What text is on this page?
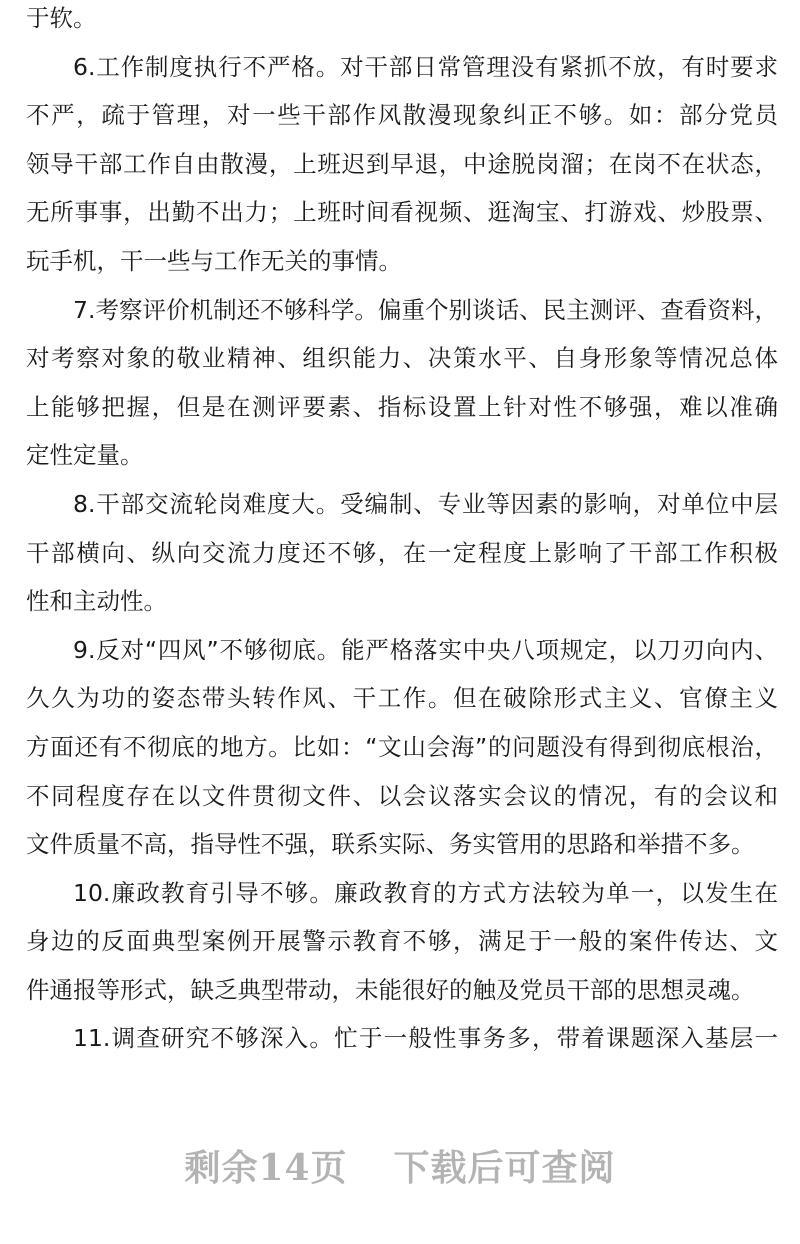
于软。
6.工作制度执行不严格。对干部日常管理没有紧抓不放，有时要求
不严，疏于管理，对一些干部作风散漫现象纠正不够。如：部分党员
领导干部工作自由散漫，上班迟到早退，中途脱岗溜；在岗不在状态，
无所事事，出勤不出力；上班时间看视频、逛淘宝、打游戏、炒股票、
玩手机，干一些与工作无关的事情。
7.考察评价机制还不够科学。偏重个别谈话、民主测评、查看资料，
对考察对象的敬业精神、组织能力、决策水平、自身形象等情况总体
上能够把握，但是在测评要素、指标设置上针对性不够强，难以准确
定性定量。
8.干部交流轮岗难度大。受编制、专业等因素的影响，对单位中层
干部横向、纵向交流力度还不够，在一定程度上影响了干部工作积极
性和主动性。
9.反对“四风”不够彻底。能严格落实中央八项规定，以刀刃向内、
久久为功的姿态带头转作风、干工作。但在破除形式主义、官僚主义
方面还有不彻底的地方。比如：“文山会海”的问题没有得到彻底根治，
不同程度存在以文件贯彻文件、以会议落实会议的情况，有的会议和
文件质量不高，指导性不强，联系实际、务实管用的思路和举措不多。
10.廉政教育引导不够。廉政教育的方式方法较为单一，以发生在
身边的反面典型案例开展警示教育不够，满足于一般的案件传达、文
件通报等形式，缺乏典型带动，未能很好的触及党员干部的思想灵魂。
11.调查研究不够深入。忙于一般性事务多，带着课题深入基层一
剩余14页 下载后可查阅
